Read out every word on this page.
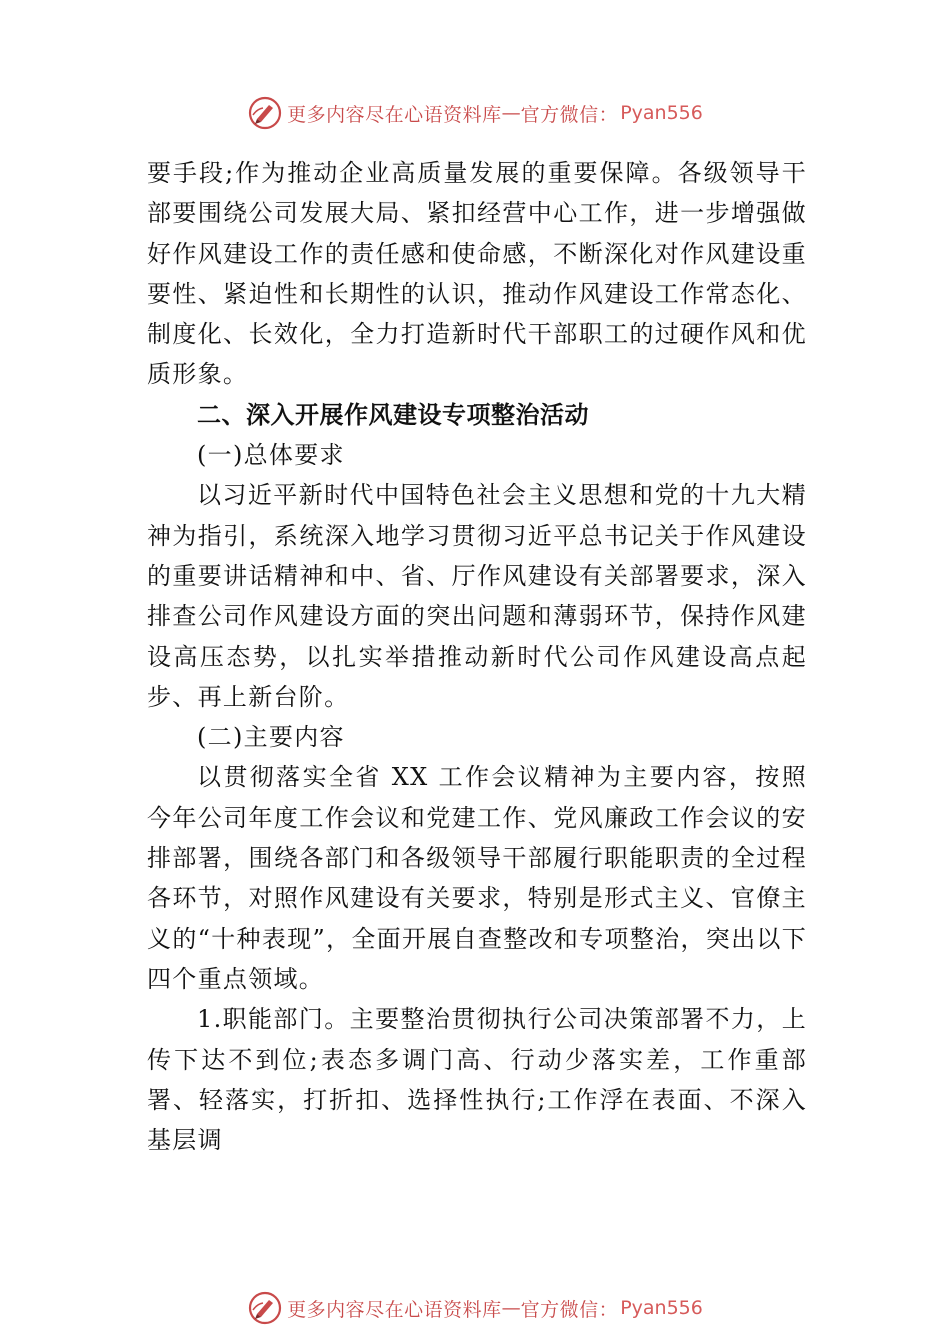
更多内容尽在心语资料库 — 官方微信： Pyan556

要手段;作为推动企业高质量发展的重要保障。各级领导干部要围绕公司发展大局、紧扣经营中心工作，进一步增强做好作风建设工作的责任感和使命感，不断深化对作风建设重要性、紧迫性和长期性的认识，推动作风建设工作常态化、制度化、长效化，全力打造新时代干部职工的过硬作风和优质形象。

二、深入开展作风建设专项整治活动

(一)总体要求

以习近平新时代中国特色社会主义思想和党的十九大精神为指引，系统深入地学习贯彻习近平总书记关于作风建设的重要讲话精神和中、省、厅作风建设有关部署要求，深入排查公司作风建设方面的突出问题和薄弱环节，保持作风建设高压态势，以扎实举措推动新时代公司作风建设高点起步、再上新台阶。

(二)主要内容

以贯彻落实全省 XX 工作会议精神为主要内容，按照今年公司年度工作会议和党建工作、党风廉政工作会议的安排部署，围绕各部门和各级领导干部履行职能职责的全过程各环节，对照作风建设有关要求，特别是形式主义、官僚主义的“十种表现”，全面开展自查整改和专项整治，突出以下四个重点领域。

1.职能部门。主要整治贯彻执行公司决策部署不力，上传下达不到位;表态多调门高、行动少落实差，工作重部署、轻落实，打折扣、选择性执行;工作浮在表面、不深入基层调

更多内容尽在心语资料库 — 官方微信： Pyan556
